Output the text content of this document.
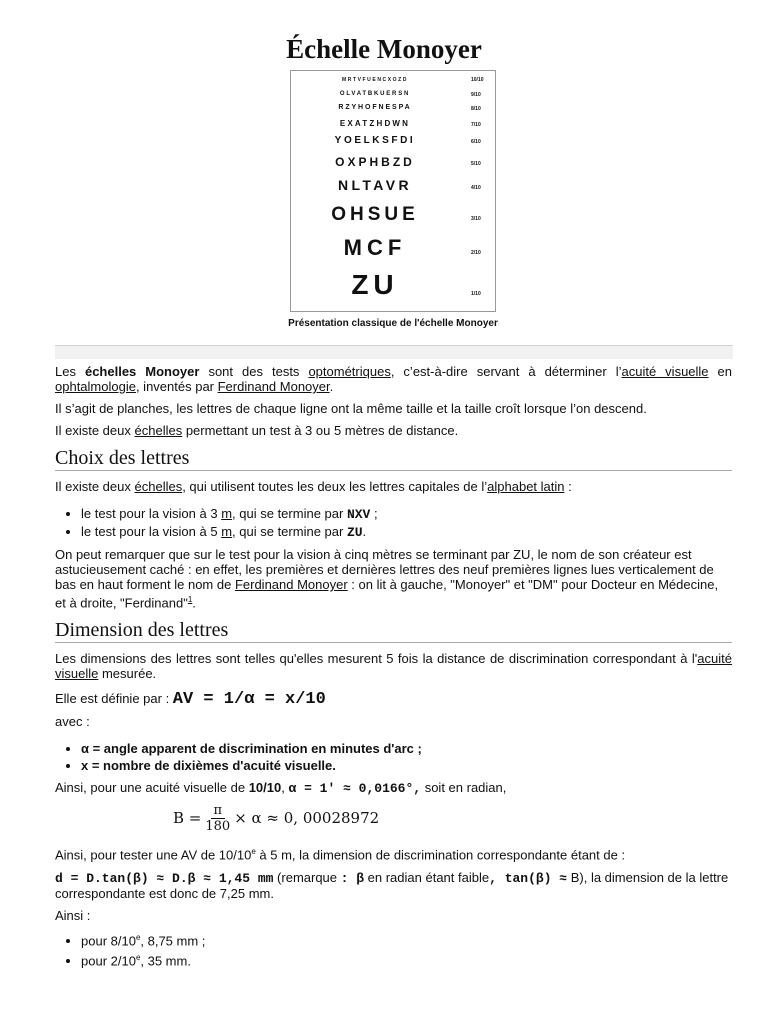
Échelle Monoyer
MRTVFUENCXOZD	10/10
OLVATBKUERSN	9/10
RZYHOFNESPA	8/10
EXATZHDWN	7/10
YOELKSFDI	6/10
OXPHBZD	5/10
NLTAVR	4/10
OHSUE	3/10
MCF	2/10
ZU	1/10
Présentation classique de l'échelle Monoyer

Les échelles Monoyer sont des tests optométriques, c’est-à-dire servant à déterminer l’acuité visuelle en ophtalmologie, inventés par Ferdinand Monoyer.

Il s’agit de planches, les lettres de chaque ligne ont la même taille et la taille croît lorsque l’on descend.

Il existe deux échelles permettant un test à 3 ou 5 mètres de distance.

Choix des lettres

Il existe deux échelles, qui utilisent toutes les deux les lettres capitales de l’alphabet latin :

• le test pour la vision à 3 m, qui se termine par NXV ;
• le test pour la vision à 5 m, qui se termine par ZU.

On peut remarquer que sur le test pour la vision à cinq mètres se terminant par ZU, le nom de son créateur est astucieusement caché : en effet, les premières et dernières lettres des neuf premières lignes lues verticalement de bas en haut forment le nom de Ferdinand Monoyer : on lit à gauche, "Monoyer" et "DM" pour Docteur en Médecine, et à droite, "Ferdinand"$^1$.

Dimension des lettres

Les dimensions des lettres sont telles qu'elles mesurent 5 fois la distance de discrimination correspondant à l'acuité visuelle mesurée.

Elle est définie par : AV = 1/α = x/10

avec :

• α = angle apparent de discrimination en minutes d'arc ;
• x = nombre de dixièmes d'acuité visuelle.

Ainsi, pour une acuité visuelle de 10/10, α = 1' ≈ 0,0166°, soit en radian,

$B = \frac{\pi}{180} \times \alpha \approx 0$, 00028972

Ainsi, pour tester une AV de 10/10e à 5 m, la dimension de discrimination correspondante étant de :

d = D.tan(β) ≈ D.β ≈ 1,45 mm (remarque : β en radian étant faible, tan(β) ≈ B), la dimension de la lettre correspondante est donc de 7,25 mm.

Ainsi :

• pour 8/10e, 8,75 mm ;
• pour 2/10e, 35 mm.
